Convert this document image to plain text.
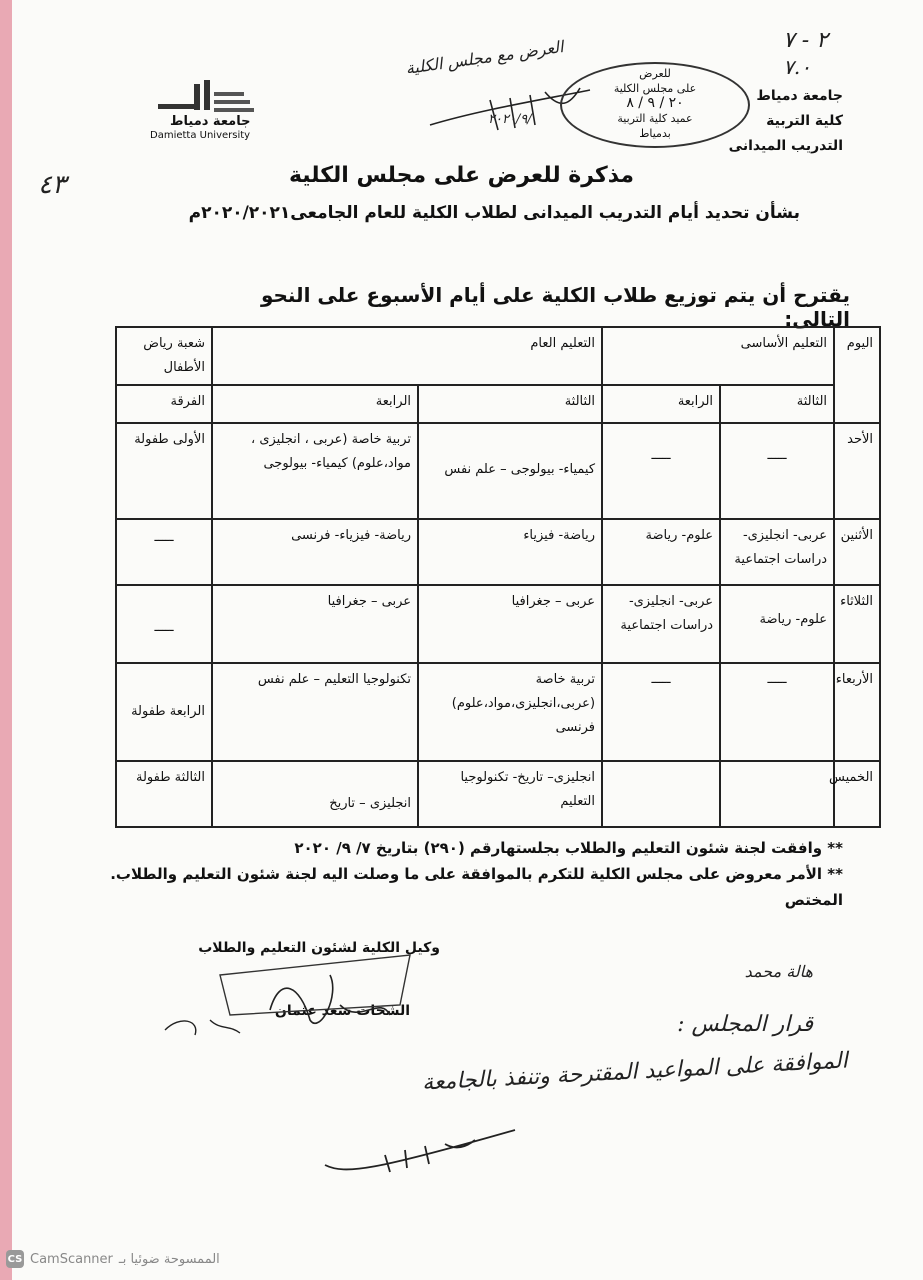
جامعة دمياط
كلية التربية
التدريب الميدانى
٢ - ٧
٧.٠
٤٣
جامعة دمياط
Damietta University
العرض مع مجلس الكلية
٢٠٢٠/٩/
للعرض
على مجلس الكلية
٢٠ / ٩ / ٨
عميد كلية التربية
بدمياط
مذكرة للعرض على مجلس الكلية
بشأن تحديد أيام التدريب الميدانى لطلاب الكلية للعام الجامعى٢٠٢٠/٢٠٢١م
يقترح أن يتم توزيع طلاب الكلية على أيام الأسبوع على النحو التالى:
اليوم	التعليم الأساسى		التعليم العام		شعبة رياض الأطفال
	الثالثة	الرابعة	الثالثة	الرابعة	الفرقة
الأحد	ـــــ	ـــــ	كيمياء- بيولوجى – علم نفس	تربية خاصة (عربى ، انجليزى ، مواد،علوم) كيمياء- بيولوجى	الأولى طفولة
الأثنين	عربى- انجليزى- دراسات اجتماعية	علوم- رياضة	رياضة- فيزياء	رياضة- فيزياء- فرنسى	ـــــ

الثلاثاء	علوم- رياضة	عربى- انجليزى- دراسات اجتماعية	عربى – جغرافيا	عربى – جغرافيا	ـــــ

الأربعاء	ـــــ	ـــــ	تربية خاصة (عربى،انجليزى،مواد،علوم) فرنسى	تكنولوجيا التعليم – علم نفس	الرابعة طفولة
الخميس			انجليزى– تاريخ- تكنولوجيا التعليم	انجليزى – تاريخ	الثالثة طفولة
** وافقت لجنة شئون التعليم والطلاب بجلستهارقم (٢٩٠) بتاريخ ٧/ ٩/ ٢٠٢٠
** الأمر معروض على مجلس الكلية للتكرم بالموافقة على ما وصلت اليه لجنة شئون التعليم والطلاب.
المختص
هالة محمد
وكيل الكلية لشئون التعليم والطلاب
الشحات سعد عثمان
قرار المجلس :
الموافقة على المواعيد المقترحة وتنفذ بالجامعة
CS CamScanner الممسوحة ضوئيا بـ
